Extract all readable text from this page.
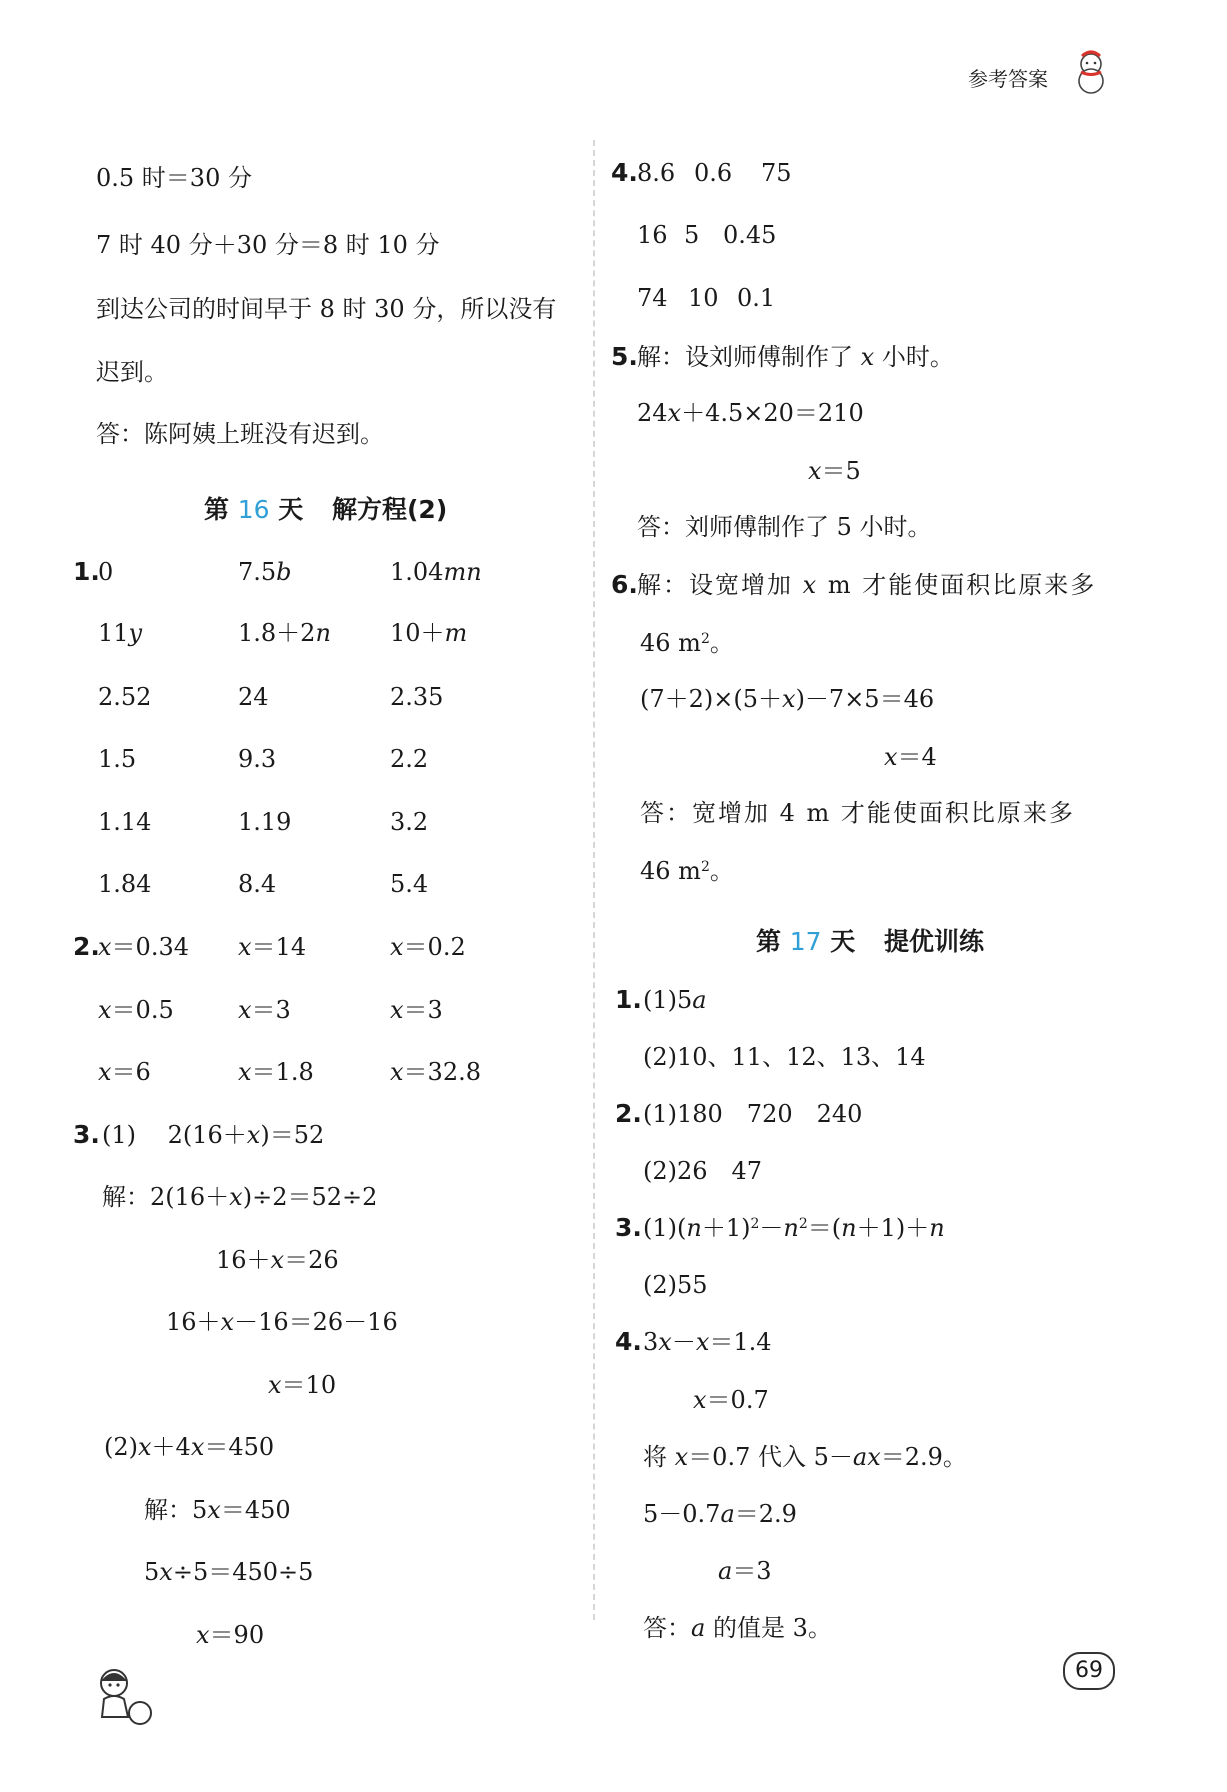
参考答案
0.5 时＝30 分
7 时 40 分＋30 分＝8 时 10 分
到达公司的时间早于 8 时 30 分，所以没有
迟到。
答：陈阿姨上班没有迟到。
第 16 天 解方程(2)
1.
0	7.5b	1.04mn
11y	1.8＋2n 10＋m
2.52	24	2.35
1.5	9.3	2.2
1.14	1.19	3.2
1.84	8.4	5.4
2.
x＝0.34 x＝14	x＝0.2
x＝0.5	x＝3	x＝3
x＝6	x＝1.8	x＝32.8
3. (1)　 2(16＋x)＝52
解：2(16＋x)÷2＝52÷2
16＋x＝26
16＋x－16＝26－16
x＝10
(2)x＋4x＝450
解：5x＝450
5x÷5＝450÷5
x＝90
4. 8.6 0.6 75
16 5 0.45
74 10 0.1
5. 解：设刘师傅制作了 x 小时。
24x＋4.5×20＝210
x＝5
答：刘师傅制作了 5 小时。
6. 解：设宽增加 x m 才能使面积比原来多
46 $m^2$。
(7＋2)×(5＋x)－7×5＝46
x＝4
答：宽增加 4 m 才能使面积比原来多
46 $m^2$。
第 17 天 提优训练
1. (1)5a
(2)10、11、12、13、14
2. (1)180　720　240
(2)26　47
3. $(1)(n+1)^2-n^2=(n+1)+n$
(2)55
4. 3x－x＝1.4
x＝0.7
将 x＝0.7 代入 5－ax＝2.9。
5－0.7a＝2.9
a＝3
答：a 的值是 3。
69
